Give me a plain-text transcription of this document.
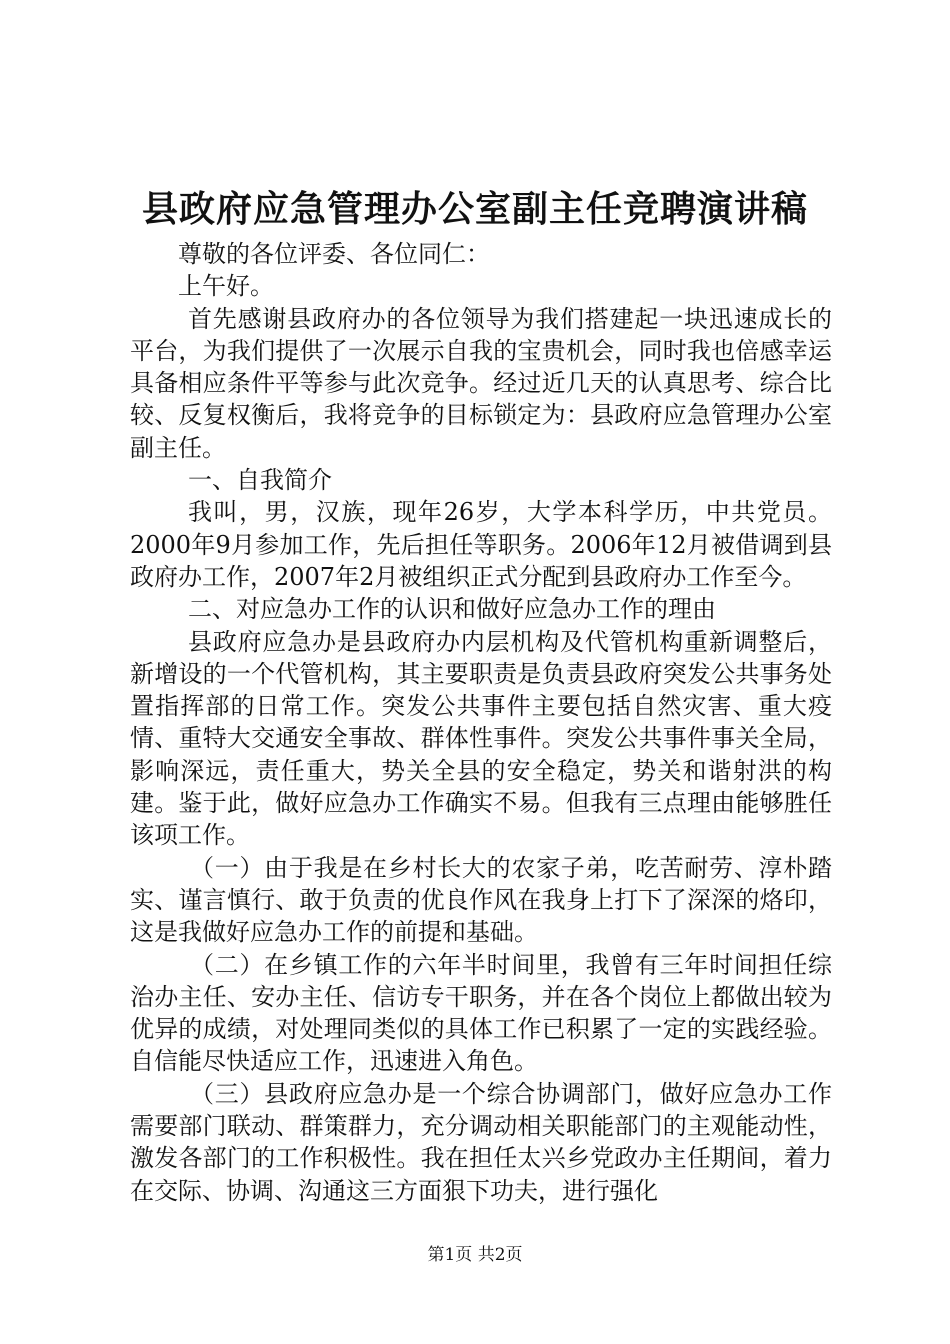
县政府应急管理办公室副主任竞聘演讲稿

尊敬的各位评委、各位同仁：

上午好。

首先感谢县政府办的各位领导为我们搭建起一块迅速成长的平台，为我们提供了一次展示自我的宝贵机会，同时我也倍感幸运具备相应条件平等参与此次竞争。经过近几天的认真思考、综合比较、反复权衡后，我将竞争的目标锁定为：县政府应急管理办公室副主任。

一、自我简介

我叫，男，汉族，现年26岁，大学本科学历，中共党员。2000年9月参加工作，先后担任等职务。2006年12月被借调到县政府办工作，2007年2月被组织正式分配到县政府办工作至今。

二、对应急办工作的认识和做好应急办工作的理由

县政府应急办是县政府办内层机构及代管机构重新调整后，新增设的一个代管机构，其主要职责是负责县政府突发公共事务处置指挥部的日常工作。突发公共事件主要包括自然灾害、重大疫情、重特大交通安全事故、群体性事件。突发公共事件事关全局，影响深远，责任重大，势关全县的安全稳定，势关和谐射洪的构建。鉴于此，做好应急办工作确实不易。但我有三点理由能够胜任该项工作。

（一）由于我是在乡村长大的农家子弟，吃苦耐劳、淳朴踏实、谨言慎行、敢于负责的优良作风在我身上打下了深深的烙印，这是我做好应急办工作的前提和基础。

（二）在乡镇工作的六年半时间里，我曾有三年时间担任综治办主任、安办主任、信访专干职务，并在各个岗位上都做出较为优异的成绩，对处理同类似的具体工作已积累了一定的实践经验。自信能尽快适应工作，迅速进入角色。

（三）县政府应急办是一个综合协调部门，做好应急办工作需要部门联动、群策群力，充分调动相关职能部门的主观能动性，激发各部门的工作积极性。我在担任太兴乡党政办主任期间，着力在交际、协调、沟通这三方面狠下功夫，进行强化

第1页 共2页
